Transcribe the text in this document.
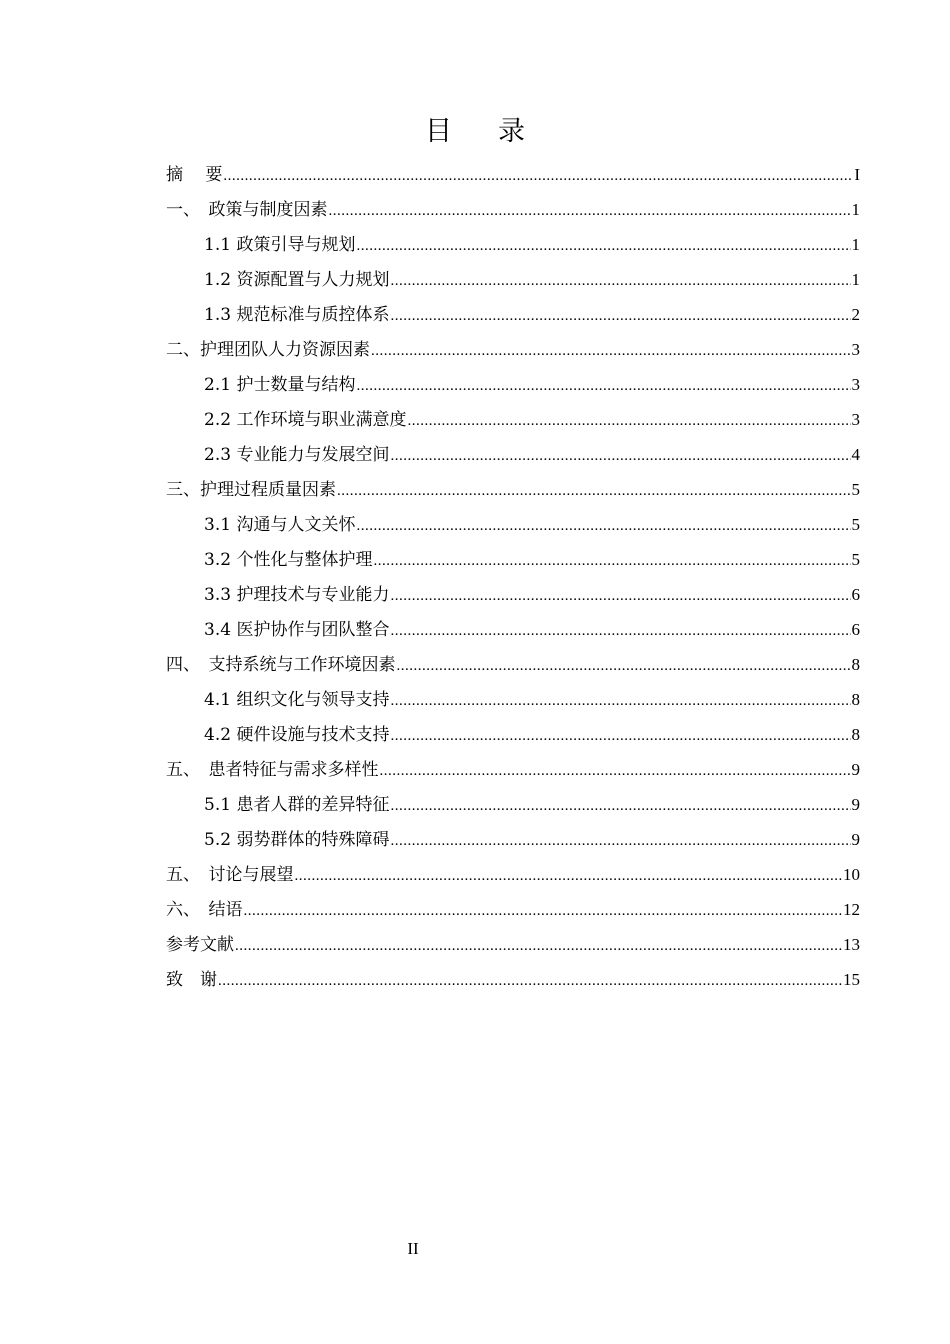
目 录
摘　 要 .....	I
一、　政策与制度因素 .....	1
1.1 政策引导与规划 .....	1
1.2 资源配置与人力规划 .....	1
1.3 规范标准与质控体系 .....	2
二、护理团队人力资源因素 .....	3
2.1 护士数量与结构 .....	3
2.2 工作环境与职业满意度 .....	3
2.3 专业能力与发展空间 .....	4
三、护理过程质量因素 .....	5
3.1 沟通与人文关怀 .....	5
3.2 个性化与整体护理 .....	5
3.3 护理技术与专业能力 .....	6
3.4 医护协作与团队整合 .....	6
四、　支持系统与工作环境因素 .....	8
4.1 组织文化与领导支持 .....	8
4.2 硬件设施与技术支持 .....	8
五、　患者特征与需求多样性 .....	9
5.1 患者人群的差异特征 .....	9
5.2 弱势群体的特殊障碍 .....	9
五、　讨论与展望 .....	10
六、　结语 .....	12
参考文献 .....	13
致　谢 .....	15
II
